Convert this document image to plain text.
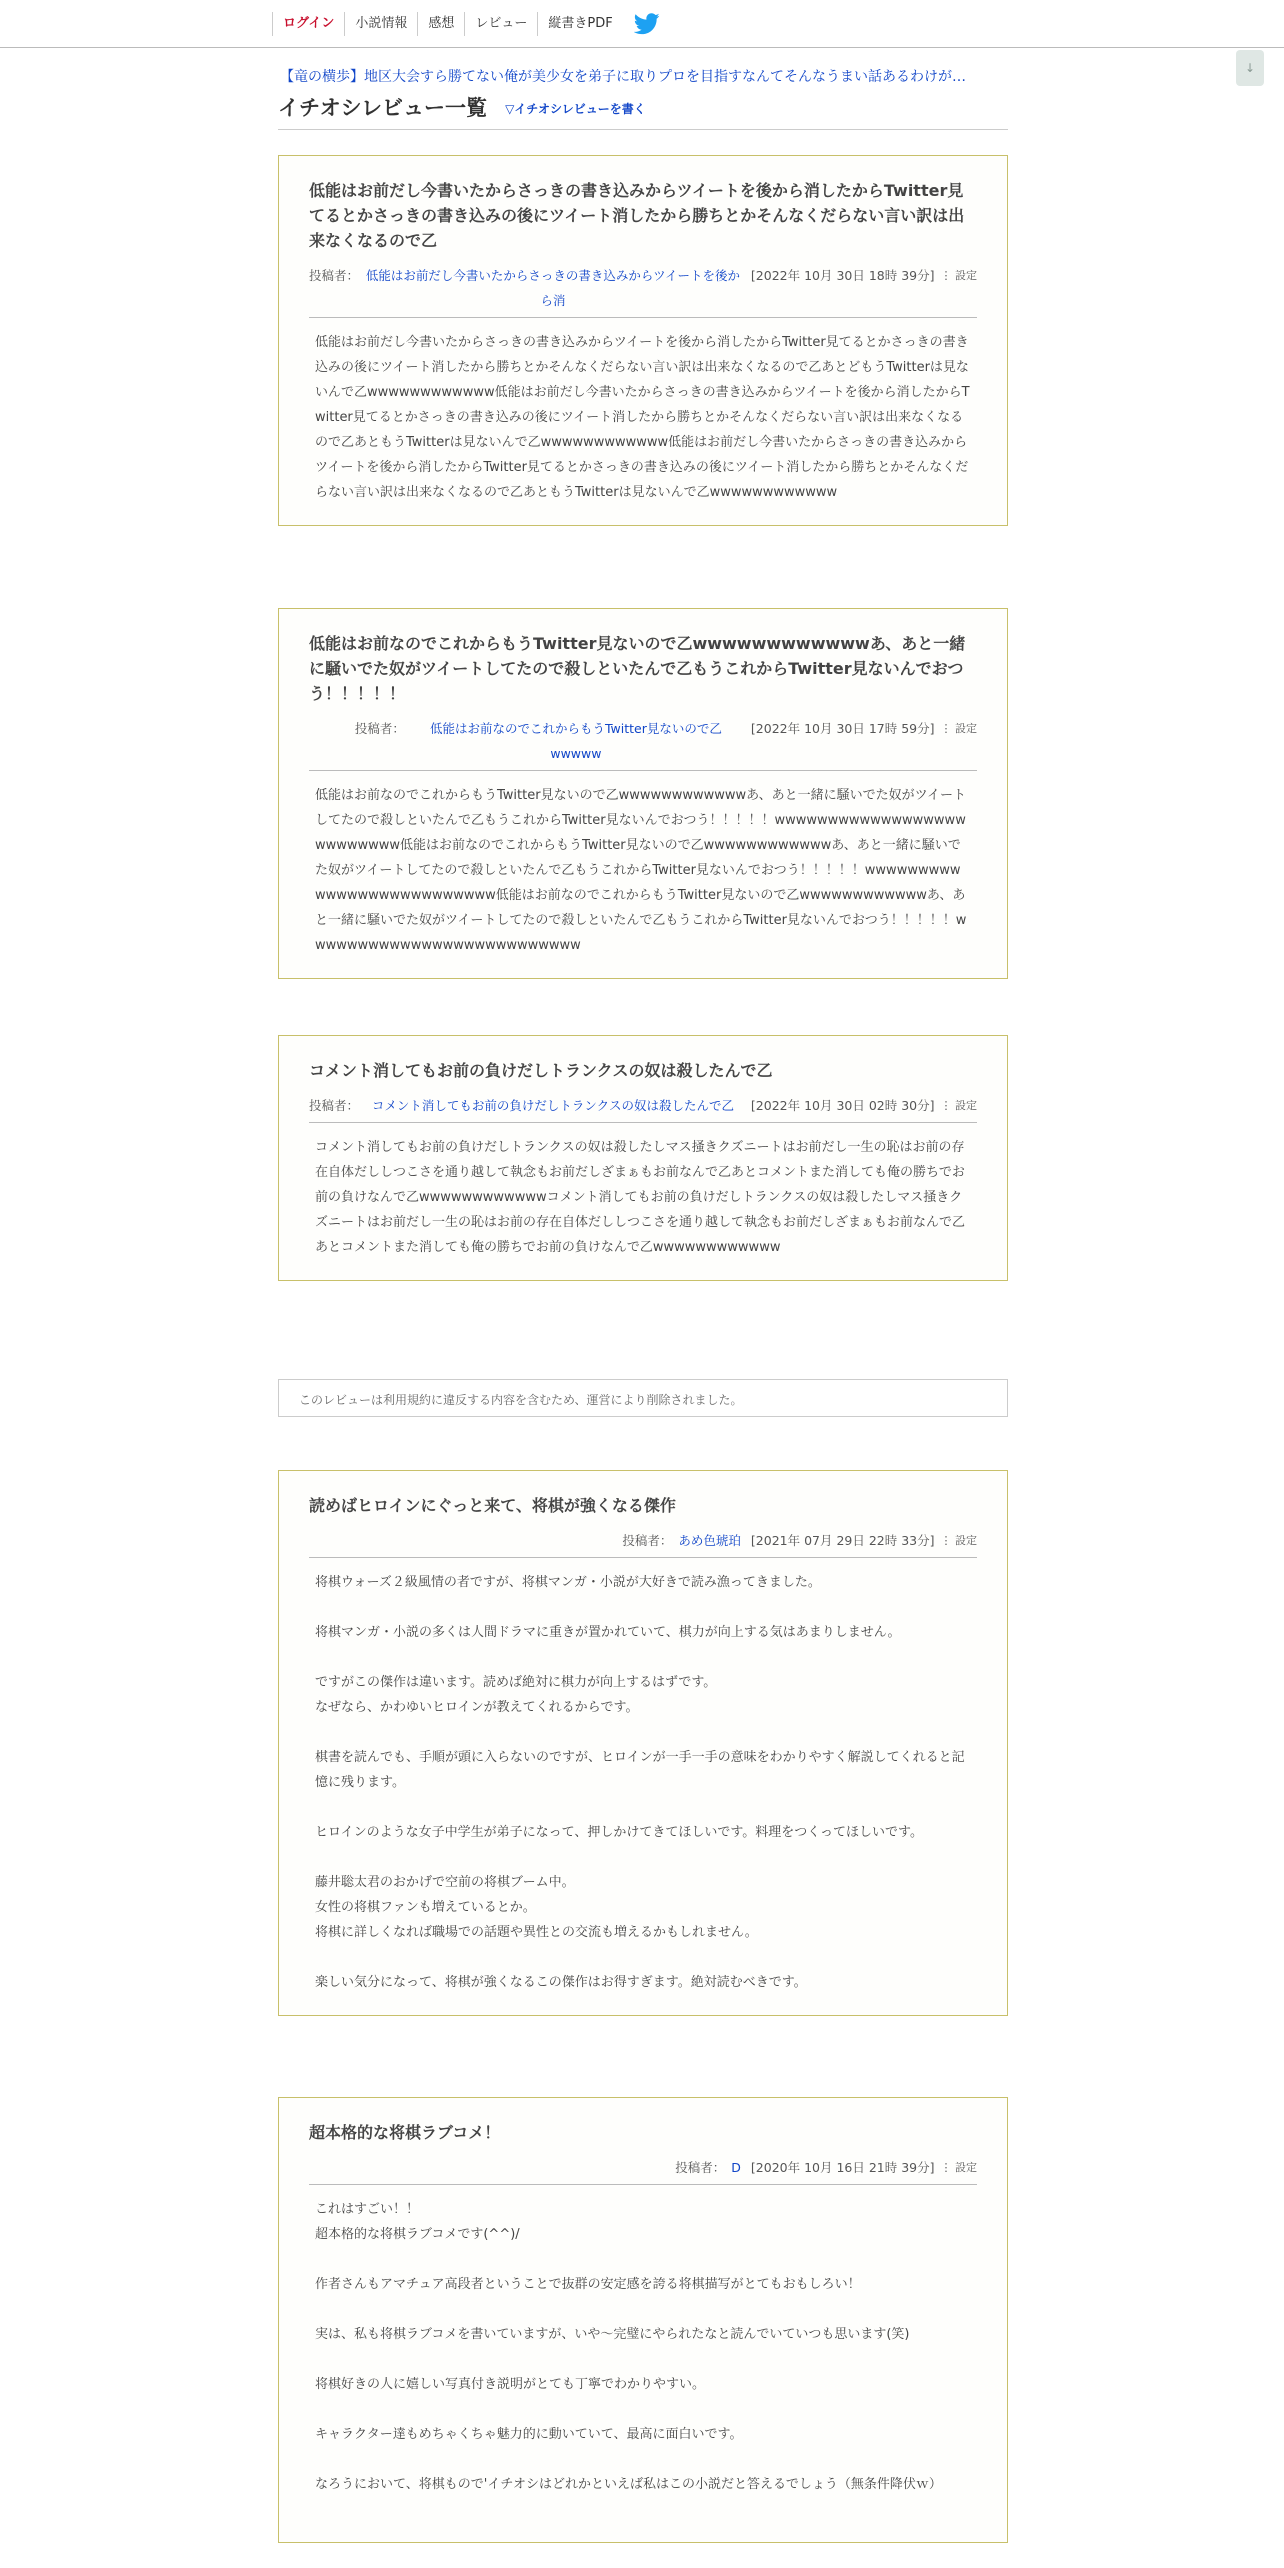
ログイン	小説情報	感想	レビュー	縦書きPDF
↓
【竜の横歩】地区大会すら勝てない俺が美少女を弟子に取りプロを目指すなんてそんなうまい話あるわけが…
イチオシレビュー一覧 ▽イチオシレビューを書く
低能はお前だし今書いたからさっきの書き込みからツイートを後から消したからTwitter見てるとかさっきの書き込みの後にツイート消したから勝ちとかそんなくだらない言い訳は出来なくなるので乙
投稿者： 低能はお前だし今書いたからさっきの書き込みからツイートを後から消
[2022年 10月 30日 18時 39分] ⋮ 設定
低能はお前だし今書いたからさっきの書き込みからツイートを後から消したからTwitter見てるとかさっきの書き込みの後にツイート消したから勝ちとかそんなくだらない言い訳は出来なくなるので乙あとどもうTwitterは見ないんで乙wwwwwwwwwwww低能はお前だし今書いたからさっきの書き込みからツイートを後から消したからTwitter見てるとかさっきの書き込みの後にツイート消したから勝ちとかそんなくだらない言い訳は出来なくなるので乙あともうTwitterは見ないんで乙wwwwwwwwwwww低能はお前だし今書いたからさっきの書き込みからツイートを後から消したからTwitter見てるとかさっきの書き込みの後にツイート消したから勝ちとかそんなくだらない言い訳は出来なくなるので乙あともうTwitterは見ないんで乙wwwwwwwwwwww
低能はお前なのでこれからもうTwitter見ないので乙wwwwwwwwwwwwあ、あと一緒に騒いでた奴がツイートしてたので殺しといたんで乙もうこれからTwitter見ないんでおつう！！！！！
投稿者：	低能はお前なのでこれからもうTwitter見ないので乙wwwww
[2022年 10月 30日 17時 59分] ⋮ 設定
低能はお前なのでこれからもうTwitter見ないので乙wwwwwwwwwwwwあ、あと一緒に騒いでた奴がツイートしてたので殺しといたんで乙もうこれからTwitter見ないんでおつう！！！！！wwwwwwwwwwwwwwwwwwwwwwwwww低能はお前なのでこれからもうTwitter見ないので乙wwwwwwwwwwwwあ、あと一緒に騒いでた奴がツイートしてたので殺しといたんで乙もうこれからTwitter見ないんでおつう！！！！！wwwwwwwwwwwwwwwwwwwwwwwwww低能はお前なのでこれからもうTwitter見ないので乙wwwwwwwwwwwwあ、あと一緒に騒いでた奴がツイートしてたので殺しといたんで乙もうこれからTwitter見ないんでおつう！！！！！wwwwwwwwwwwwwwwwwwwwwwwwww
コメント消してもお前の負けだしトランクスの奴は殺したんで乙
投稿者：	コメント消してもお前の負けだしトランクスの奴は殺したんで乙	[2022年 10月 30日 02時 30分] ⋮ 設定
コメント消してもお前の負けだしトランクスの奴は殺したしマス掻きクズニートはお前だし一生の恥はお前の存在自体だししつこさを通り越して執念もお前だしざまぁもお前なんで乙あとコメントまた消しても俺の勝ちでお前の負けなんで乙wwwwwwwwwwwwコメント消してもお前の負けだしトランクスの奴は殺したしマス掻きクズニートはお前だし一生の恥はお前の存在自体だししつこさを通り越して執念もお前だしざまぁもお前なんで乙あとコメントまた消しても俺の勝ちでお前の負けなんで乙wwwwwwwwwwww
このレビューは利用規約に違反する内容を含むため、運営により削除されました。
読めばヒロインにぐっと来て、将棋が強くなる傑作
投稿者： あめ色琥珀 [2021年 07月 29日 22時 33分] ⋮ 設定

将棋ウォーズ２級風情の者ですが、将棋マンガ・小説が大好きで読み漁ってきました。

将棋マンガ・小説の多くは人間ドラマに重きが置かれていて、棋力が向上する気はあまりしません。

ですがこの傑作は違います。読めば絶対に棋力が向上するはずです。

なぜなら、かわゆいヒロインが教えてくれるからです。

棋書を読んでも、手順が頭に入らないのですが、ヒロインが一手一手の意味をわかりやすく解説してくれると記憶に残ります。

ヒロインのような女子中学生が弟子になって、押しかけてきてほしいです。料理をつくってほしいです。

藤井聡太君のおかげで空前の将棋ブーム中。

女性の将棋ファンも増えているとか。

将棋に詳しくなれば職場での話題や異性との交流も増えるかもしれません。

楽しい気分になって、将棋が強くなるこの傑作はお得すぎます。絶対読むべきです。

超本格的な将棋ラブコメ！
投稿者： D [2020年 10月 16日 21時 39分] ⋮ 設定

これはすごい！！

超本格的な将棋ラブコメです(^^)/

作者さんもアマチュア高段者ということで抜群の安定感を誇る将棋描写がとてもおもしろい！

実は、私も将棋ラブコメを書いていますが、いや～完璧にやられたなと読んでいていつも思います(笑)

将棋好きの人に嬉しい写真付き説明がとても丁寧でわかりやすい。

キャラクター達もめちゃくちゃ魅力的に動いていて、最高に面白いです。

なろうにおいて、将棋もので'イチオシはどれかといえば私はこの小説だと答えるでしょう（無条件降伏ｗ）
